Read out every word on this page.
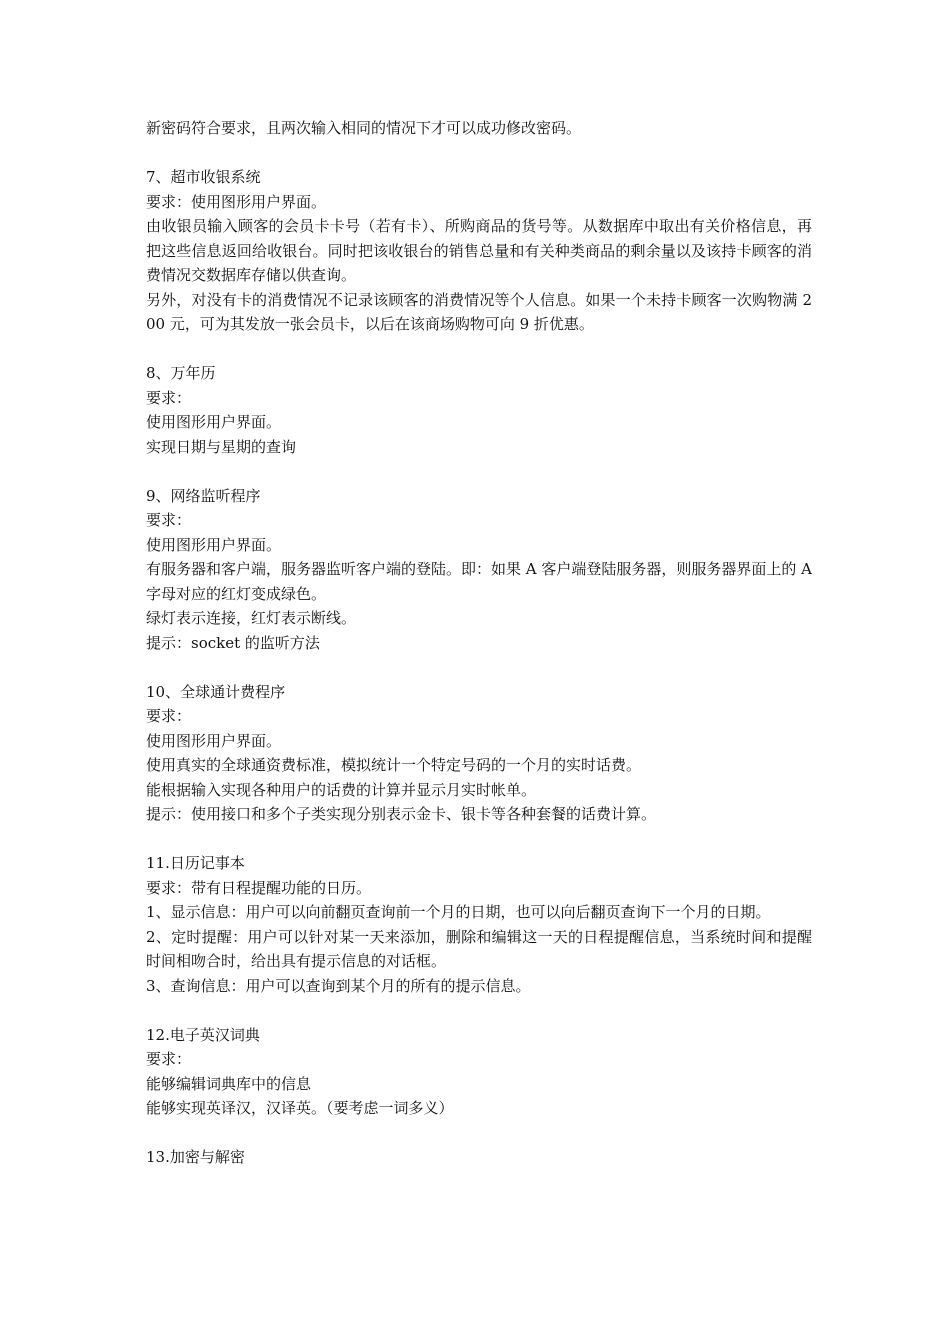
新密码符合要求，且两次输入相同的情况下才可以成功修改密码。
7、超市收银系统
要求：使用图形用户界面。
由收银员输入顾客的会员卡卡号（若有卡）、所购商品的货号等。从数据库中取出有关价格信息，再把这些信息返回给收银台。同时把该收银台的销售总量和有关种类商品的剩余量以及该持卡顾客的消费情况交数据库存储以供查询。
另外，对没有卡的消费情况不记录该顾客的消费情况等个人信息。如果一个未持卡顾客一次购物满 200 元，可为其发放一张会员卡，以后在该商场购物可向 9 折优惠。
8、万年历
要求：
使用图形用户界面。
实现日期与星期的查询
9、网络监听程序
要求：
使用图形用户界面。
有服务器和客户端，服务器监听客户端的登陆。即：如果 A 客户端登陆服务器，则服务器界面上的 A 字母对应的红灯变成绿色。
绿灯表示连接，红灯表示断线。
提示：socket 的监听方法
10、全球通计费程序
要求：
使用图形用户界面。
使用真实的全球通资费标准，模拟统计一个特定号码的一个月的实时话费。
能根据输入实现各种用户的话费的计算并显示月实时帐单。
提示：使用接口和多个子类实现分别表示金卡、银卡等各种套餐的话费计算。
11.日历记事本
要求：带有日程提醒功能的日历。
1、显示信息：用户可以向前翻页查询前一个月的日期，也可以向后翻页查询下一个月的日期。
2、定时提醒：用户可以针对某一天来添加，删除和编辑这一天的日程提醒信息，当系统时间和提醒时间相吻合时，给出具有提示信息的对话框。
3、查询信息：用户可以查询到某个月的所有的提示信息。
12.电子英汉词典
要求：
能够编辑词典库中的信息
能够实现英译汉，汉译英。（要考虑一词多义）
13.加密与解密
